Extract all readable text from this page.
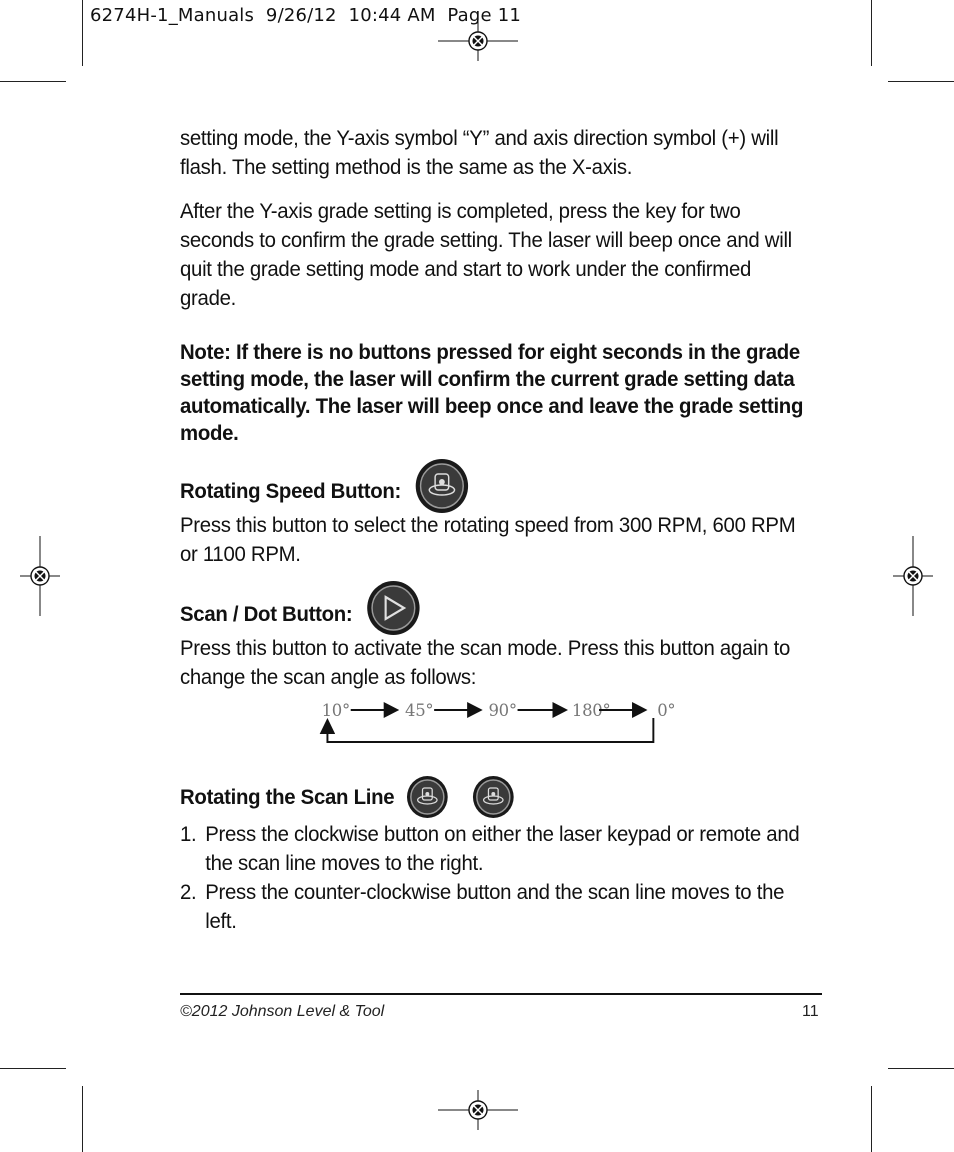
6274H-1_Manuals  9/26/12  10:44 AM  Page 11

setting mode, the Y-axis symbol “Y” and axis direction symbol (+) will flash. The setting method is the same as the X-axis.

After the Y-axis grade setting is completed, press the key for two seconds to confirm the grade setting. The laser will beep once and will quit the grade setting mode and start to work under the confirmed grade.

Note: If there is no buttons pressed for eight seconds in the grade setting mode, the laser will confirm the current grade setting data automatically. The laser will beep once and leave the grade setting mode.

Rotating Speed Button:

Press this button to select the rotating speed from 300 RPM, 600 RPM or 1100 RPM.

Scan / Dot Button:

Press this button to activate the scan mode. Press this button again to change the scan angle as follows:

10°	45°	90°	180°	0°
Rotating the Scan Line
1. Press the clockwise button on either the laser keypad or remote and the scan line moves to the right.
2. Press the counter-clockwise button and the scan line moves to the left.
©2012 Johnson Level & Tool	11
